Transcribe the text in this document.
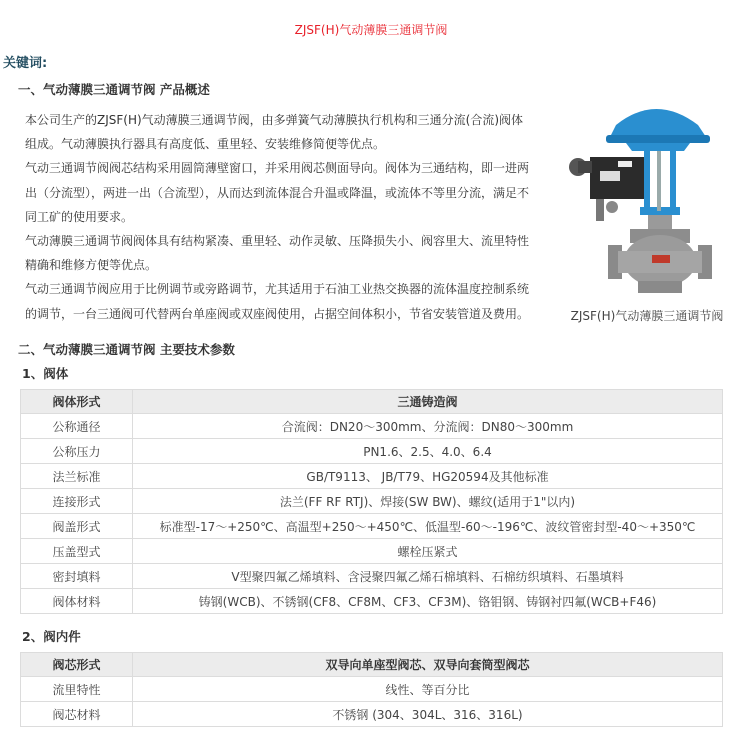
ZJSF(H)气动薄膜三通调节阀
关键词:
一、气动薄膜三通调节阀 产品概述

本公司生产的ZJSF(H)气动薄膜三通调节阀，由多弹簧气动薄膜执行机构和三通分流(合流)阀体组成。气动薄膜执行器具有高度低、重里轻、安装维修简便等优点。

气动三通调节阀阀芯结构采用圆筒薄壁窗口，并采用阀芯侧面导向。阀体为三通结构，即一进两出（分流型），两进一出（合流型），从而达到流体混合升温或降温，或流体不等里分流，满足不同工矿的使用要求。

气动薄膜三通调节阀阀体具有结构紧凑、重里轻、动作灵敏、压降损失小、阀容里大、流里特性精确和维修方便等优点。

气动三通调节阀应用于比例调节或旁路调节，尤其适用于石油工业热交换器的流体温度控制系统的调节，一台三通阀可代替两台单座阀或双座阀使用，占据空间体积小，节省安装管道及费用。	ZJSF(H)气动薄膜三通调节阀
二、气动薄膜三通调节阀 主要技术参数
1、阀体
阀体形式	三通铸造阀
公称通径	合流阀：DN20～300mm、分流阀：DN80～300mm
公称压力	PN1.6、2.5、4.0、6.4
法兰标准	GB/T9113、 JB/T79、HG20594及其他标准
连接形式	法兰(FF RF RTJ)、焊接(SW BW)、螺纹(适用于1"以内)
阀盖形式	标准型-17～+250℃、高温型+250～+450℃、低温型-60～-196℃、波纹管密封型-40～+350℃
压盖型式	螺栓压紧式
密封填料	V型聚四氟乙烯填料、含浸聚四氟乙烯石棉填料、石棉纺织填料、石墨填料
阀体材料	铸钢(WCB)、不锈钢(CF8、CF8M、CF3、CF3M)、铬钼钢、铸钢衬四氟(WCB+F46)
2、阀内件
阀芯形式	双导向单座型阀芯、双导向套筒型阀芯
流里特性	线性、等百分比
阀芯材料	不锈钢 (304、304L、316、316L)
